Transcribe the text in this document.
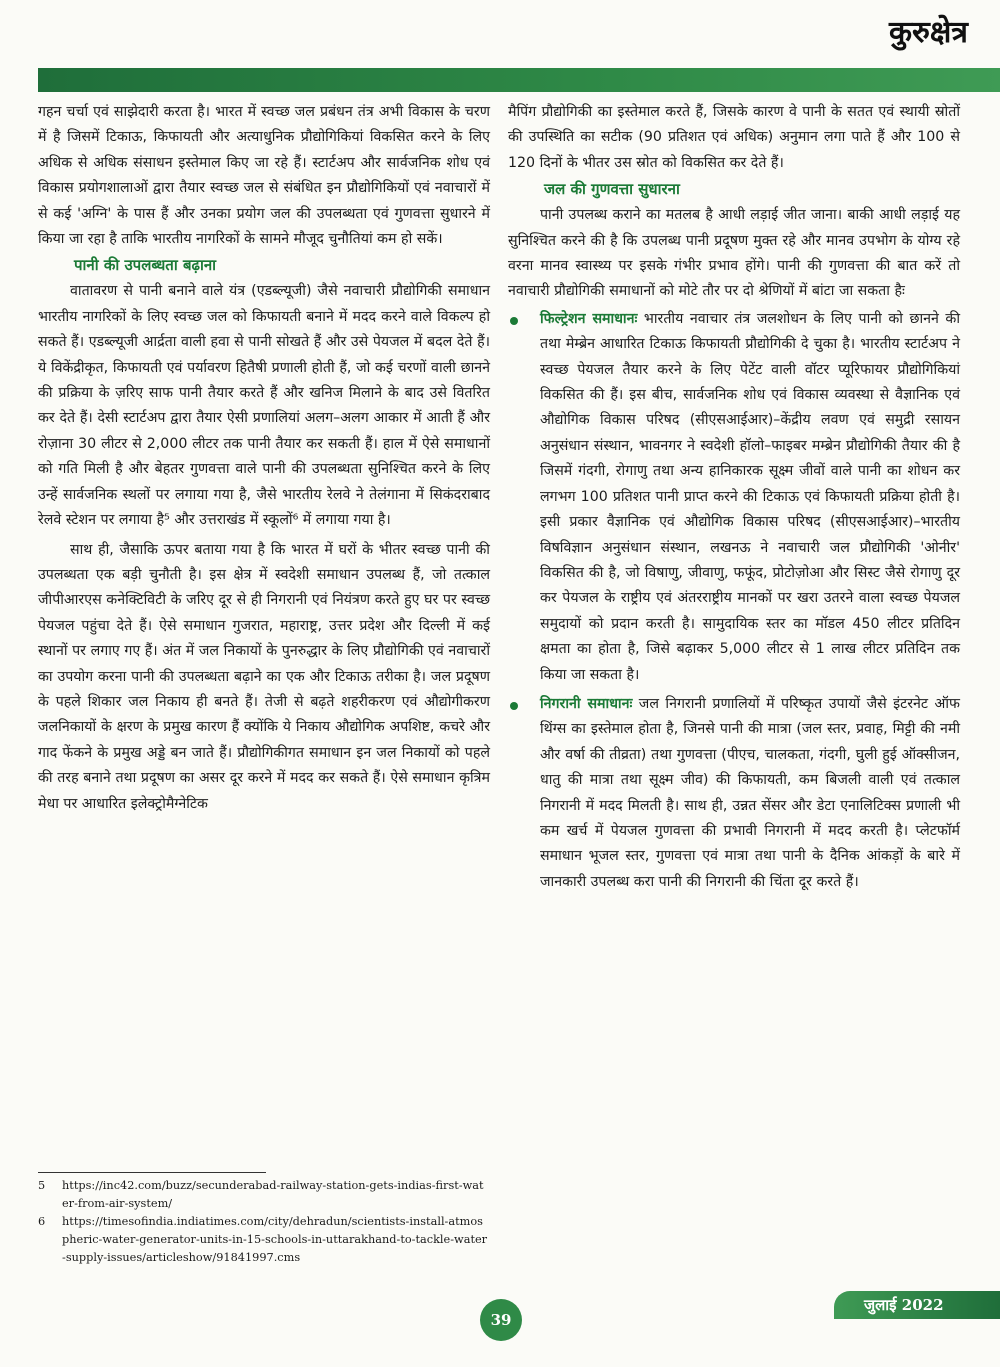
कुरुक्षेत्र

गहन चर्चा एवं साझेदारी करता है। भारत में स्वच्छ जल प्रबंधन तंत्र अभी विकास के चरण में है जिसमें टिकाऊ, किफायती और अत्याधुनिक प्रौद्योगिकियां विकसित करने के लिए अधिक से अधिक संसाधन इस्तेमाल किए जा रहे हैं। स्टार्टअप और सार्वजनिक शोध एवं विकास प्रयोगशालाओं द्वारा तैयार स्वच्छ जल से संबंधित इन प्रौद्योगिकियों एवं नवाचारों में से कई 'अग्नि' के पास हैं और उनका प्रयोग जल की उपलब्धता एवं गुणवत्ता सुधारने में किया जा रहा है ताकि भारतीय नागरिकों के सामने मौजूद चुनौतियां कम हो सकें।

पानी की उपलब्धता बढ़ाना

वातावरण से पानी बनाने वाले यंत्र (एडब्ल्यूजी) जैसे नवाचारी प्रौद्योगिकी समाधान भारतीय नागरिकों के लिए स्वच्छ जल को किफायती बनाने में मदद करने वाले विकल्प हो सकते हैं। एडब्ल्यूजी आर्द्रता वाली हवा से पानी सोखते हैं और उसे पेयजल में बदल देते हैं। ये विकेंद्रीकृत, किफायती एवं पर्यावरण हितैषी प्रणाली होती हैं, जो कई चरणों वाली छानने की प्रक्रिया के ज़रिए साफ पानी तैयार करते हैं और खनिज मिलाने के बाद उसे वितरित कर देते हैं। देसी स्टार्टअप द्वारा तैयार ऐसी प्रणालियां अलग–अलग आकार में आती हैं और रोज़ाना 30 लीटर से 2,000 लीटर तक पानी तैयार कर सकती हैं। हाल में ऐसे समाधानों को गति मिली है और बेहतर गुणवत्ता वाले पानी की उपलब्धता सुनिश्चित करने के लिए उन्हें सार्वजनिक स्थलों पर लगाया गया है, जैसे भारतीय रेलवे ने तेलंगाना में सिकंदराबाद रेलवे स्टेशन पर लगाया है⁵ और उत्तराखंड में स्कूलों⁶ में लगाया गया है।

साथ ही, जैसाकि ऊपर बताया गया है कि भारत में घरों के भीतर स्वच्छ पानी की उपलब्धता एक बड़ी चुनौती है। इस क्षेत्र में स्वदेशी समाधान उपलब्ध हैं, जो तत्काल जीपीआरएस कनेक्टिविटी के जरिए दूर से ही निगरानी एवं नियंत्रण करते हुए घर पर स्वच्छ पेयजल पहुंचा देते हैं। ऐसे समाधान गुजरात, महाराष्ट्र, उत्तर प्रदेश और दिल्ली में कई स्थानों पर लगाए गए हैं। अंत में जल निकायों के पुनरुद्धार के लिए प्रौद्योगिकी एवं नवाचारों का उपयोग करना पानी की उपलब्धता बढ़ाने का एक और टिकाऊ तरीका है। जल प्रदूषण के पहले शिकार जल निकाय ही बनते हैं। तेजी से बढ़ते शहरीकरण एवं औद्योगीकरण जलनिकायों के क्षरण के प्रमुख कारण हैं क्योंकि ये निकाय औद्योगिक अपशिष्ट, कचरे और गाद फेंकने के प्रमुख अड्डे बन जाते हैं। प्रौद्योगिकीगत समाधान इन जल निकायों को पहले की तरह बनाने तथा प्रदूषण का असर दूर करने में मदद कर सकते हैं। ऐसे समाधान कृत्रिम मेधा पर आधारित इलेक्ट्रोमैग्नेटिक

मैपिंग प्रौद्योगिकी का इस्तेमाल करते हैं, जिसके कारण वे पानी के सतत एवं स्थायी स्रोतों की उपस्थिति का सटीक (90 प्रतिशत एवं अधिक) अनुमान लगा पाते हैं और 100 से 120 दिनों के भीतर उस स्रोत को विकसित कर देते हैं।

जल की गुणवत्ता सुधारना

पानी उपलब्ध कराने का मतलब है आधी लड़ाई जीत जाना। बाकी आधी लड़ाई यह सुनिश्चित करने की है कि उपलब्ध पानी प्रदूषण मुक्त रहे और मानव उपभोग के योग्य रहे वरना मानव स्वास्थ्य पर इसके गंभीर प्रभाव होंगे। पानी की गुणवत्ता की बात करें तो नवाचारी प्रौद्योगिकी समाधानों को मोटे तौर पर दो श्रेणियों में बांटा जा सकता हैः

फिल्ट्रेशन समाधानः भारतीय नवाचार तंत्र जलशोधन के लिए पानी को छानने की तथा मेम्ब्रेन आधारित टिकाऊ किफायती प्रौद्योगिकी दे चुका है। भारतीय स्टार्टअप ने स्वच्छ पेयजल तैयार करने के लिए पेटेंट वाली वॉटर प्यूरिफायर प्रौद्योगिकियां विकसित की हैं। इस बीच, सार्वजनिक शोध एवं विकास व्यवस्था से वैज्ञानिक एवं औद्योगिक विकास परिषद (सीएसआईआर)–केंद्रीय लवण एवं समुद्री रसायन अनुसंधान संस्थान, भावनगर ने स्वदेशी हॉलो–फाइबर मम्ब्रेन प्रौद्योगिकी तैयार की है जिसमें गंदगी, रोगाणु तथा अन्य हानिकारक सूक्ष्म जीवों वाले पानी का शोधन कर लगभग 100 प्रतिशत पानी प्राप्त करने की टिकाऊ एवं किफायती प्रक्रिया होती है। इसी प्रकार वैज्ञानिक एवं औद्योगिक विकास परिषद (सीएसआईआर)–भारतीय विषविज्ञान अनुसंधान संस्थान, लखनऊ ने नवाचारी जल प्रौद्योगिकी 'ओनीर' विकसित की है, जो विषाणु, जीवाणु, फफूंद, प्रोटोज़ोआ और सिस्ट जैसे रोगाणु दूर कर पेयजल के राष्ट्रीय एवं अंतरराष्ट्रीय मानकों पर खरा उतरने वाला स्वच्छ पेयजल समुदायों को प्रदान करती है। सामुदायिक स्तर का मॉडल 450 लीटर प्रतिदिन क्षमता का होता है, जिसे बढ़ाकर 5,000 लीटर से 1 लाख लीटर प्रतिदिन तक किया जा सकता है।
निगरानी समाधानः जल निगरानी प्रणालियों में परिष्कृत उपायों जैसे इंटरनेट ऑफ थिंग्स का इस्तेमाल होता है, जिनसे पानी की मात्रा (जल स्तर, प्रवाह, मिट्टी की नमी और वर्षा की तीव्रता) तथा गुणवत्ता (पीएच, चालकता, गंदगी, घुली हुई ऑक्सीजन, धातु की मात्रा तथा सूक्ष्म जीव) की किफायती, कम बिजली वाली एवं तत्काल निगरानी में मदद मिलती है। साथ ही, उन्नत सेंसर और डेटा एनालिटिक्स प्रणाली भी कम खर्च में पेयजल गुणवत्ता की प्रभावी निगरानी में मदद करती है। प्लेटफॉर्म समाधान भूजल स्तर, गुणवत्ता एवं मात्रा तथा पानी के दैनिक आंकड़ों के बारे में जानकारी उपलब्ध करा पानी की निगरानी की चिंता दूर करते हैं।
5	https://inc42.com/buzz/secunderabad-railway-station-gets-indias-first-water-from-air-system/
6	https://timesofindia.indiatimes.com/city/dehradun/scientists-install-atmospheric-water-generator-units-in-15-schools-in-uttarakhand-to-tackle-water-supply-issues/articleshow/91841997.cms
39
जुलाई 2022
